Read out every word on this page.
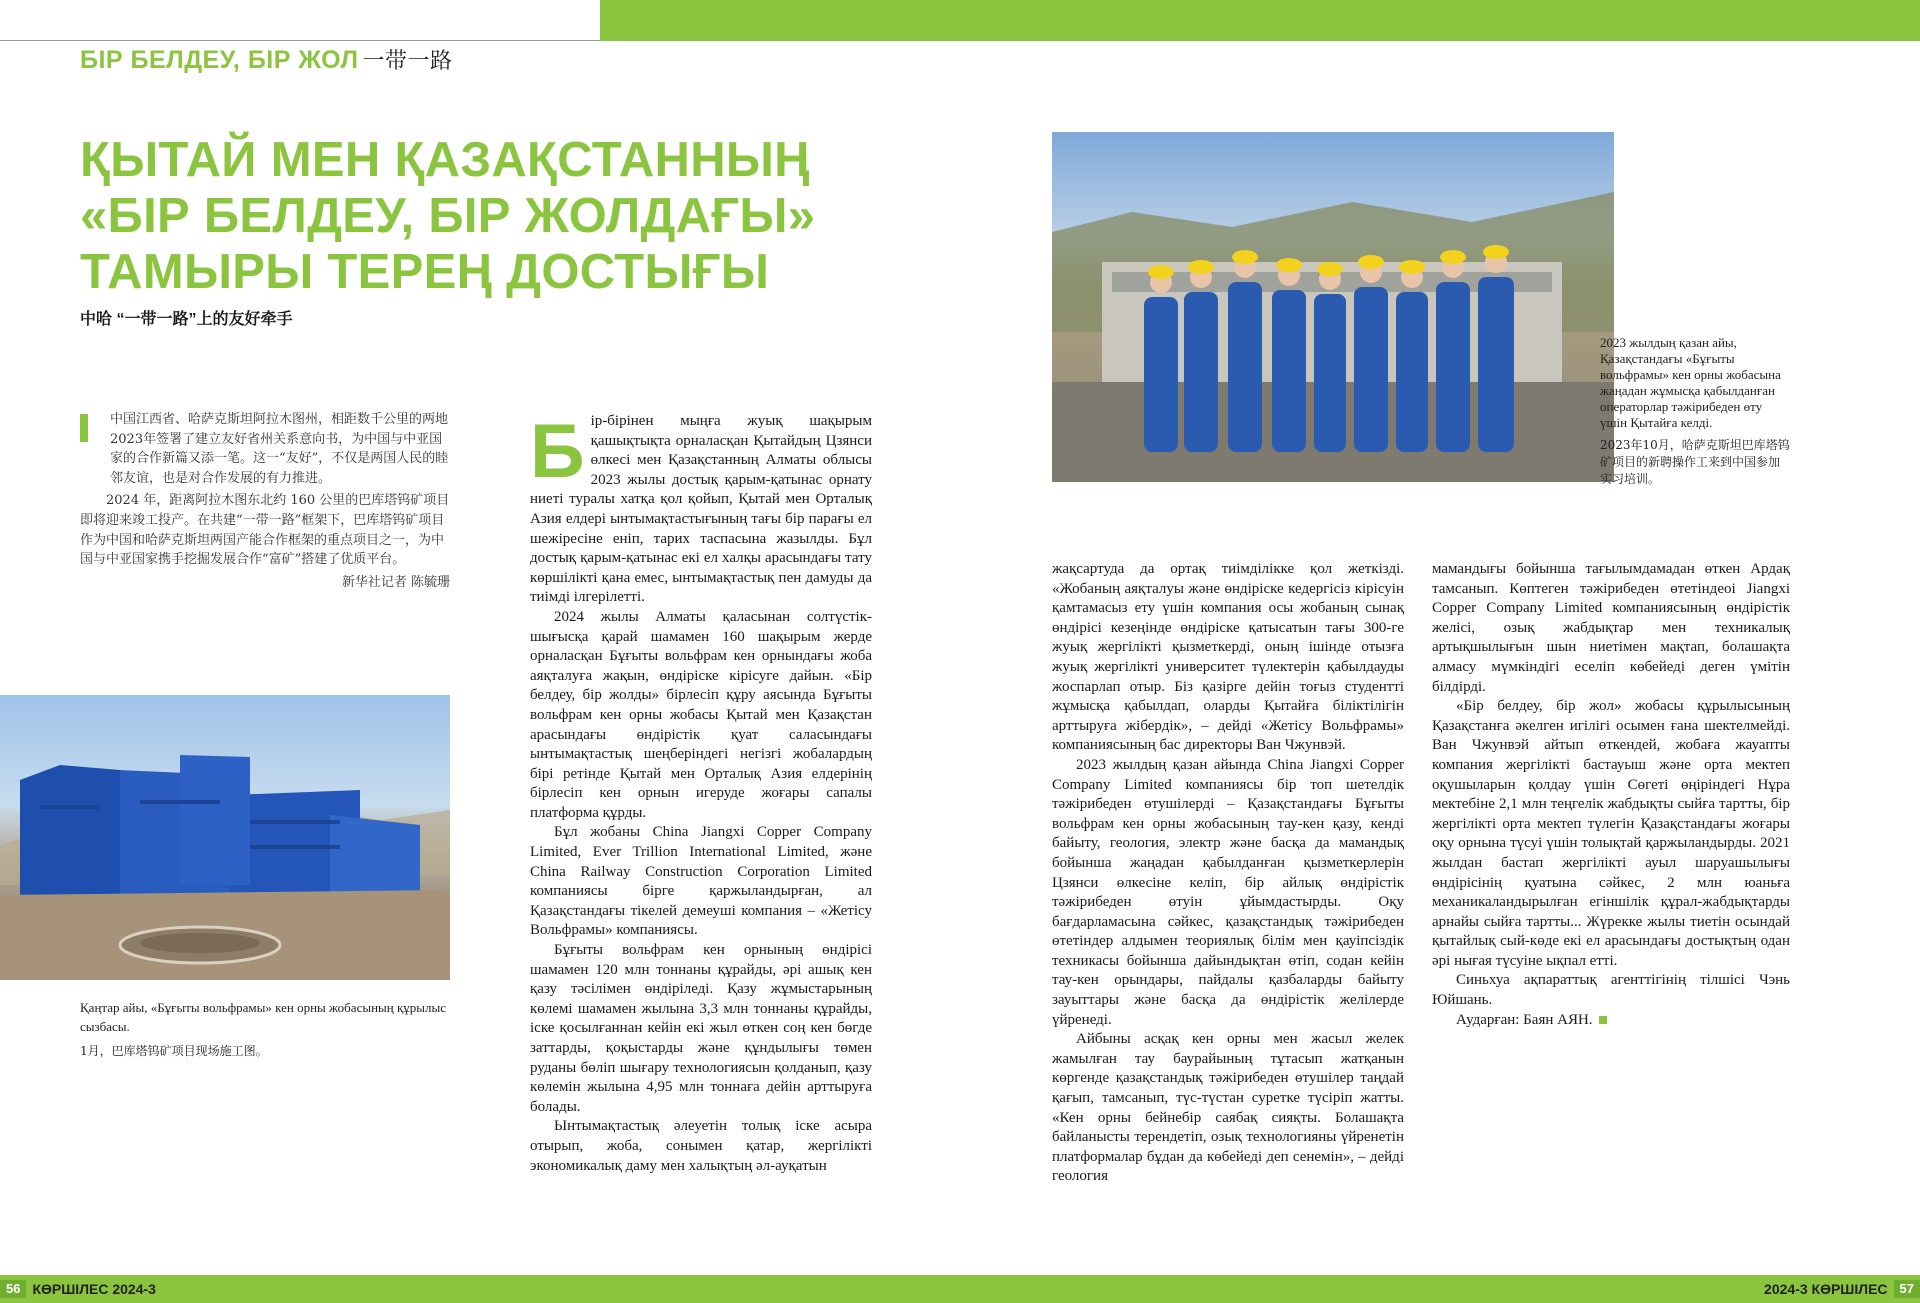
БІР БЕЛДЕУ, БІР ЖОЛ 一带一路
ҚЫТАЙ МЕН ҚАЗАҚСТАННЫҢ
«БІР БЕЛДЕУ, БІР ЖОЛДАҒЫ»
ТАМЫРЫ ТЕРЕҢ ДОСТЫҒЫ
中哈 “一带一路”上的友好牵手

中国江西省、哈萨克斯坦阿拉木图州，相距数千公里的两地2023年签署了建立友好省州关系意向书，为中国与中亚国家的合作新篇又添一笔。这一“友好”，不仅是两国人民的睦邻友谊，也是对合作发展的有力推进。

2024 年，距离阿拉木图东北约 160 公里的巴库塔钨矿项目即将迎来竣工投产。在共建“一带一路”框架下，巴库塔钨矿项目作为中国和哈萨克斯坦两国产能合作框架的重点项目之一，为中国与中亚国家携手挖掘发展合作“富矿”搭建了优质平台。

新华社记者 陈毓珊
Қаңтар айы, «Бұғыты вольфрамы» кен орны жобасының құрылыс сызбасы.
1月，巴库塔钨矿项目现场施工图。
2023 жылдың қазан айы, Қазақстандағы «Бұғыты вольфрамы» кен орны жобасына жаңадан жұмысқа қабылданған операторлар тәжірибеден өту үшін Қытайға келді.
2023年10月，哈萨克斯坦巴库塔钨矿项目的新聘操作工来到中国参加实习培训。
Б ір-бірінен мыңға жуық шақырым қашықтықта орналасқан Қытайдың Цзянси өлкесі мен Қазақстанның Алматы облысы 2023 жылы достық қарым-қатынас орнату ниеті туралы хатқа қол қойып, Қытай мен Орталық Азия елдері ынтымақтастығының тағы бір парағы ел шежіресіне еніп, тарих таспасына жазылды. Бұл достық қарым-қатынас екі ел халқы арасындағы тату көршілікті қана емес, ынтымақтастық пен дамуды да тиімді ілгерілетті.

2024 жылы Алматы қаласынан солтүстік-шығысқа қарай шамамен 160 шақырым жерде орналасқан Бұғыты вольфрам кен орнындағы жоба аяқталуға жақын, өндіріске кірісуге дайын. «Бір белдеу, бір жолды» бірлесіп құру аясында Бұғыты вольфрам кен орны жобасы Қытай мен Қазақстан арасындағы өндірістік қуат саласындағы ынтымақтастық шеңберіндегі негізгі жобалардың бірі ретінде Қытай мен Орталық Азия елдерінің бірлесіп кен орнын игеруде жоғары сапалы платформа құрды.

Бұл жобаны China Jiangxi Copper Company Limited, Ever Trillion International Limited, және China Railway Construction Corporation Limited компаниясы бірге қаржыландырған, ал Қазақстандағы тікелей демеуші компания – «Жетісу Вольфрамы» компаниясы.

Бұғыты вольфрам кен орнының өндірісі шамамен 120 млн тоннаны құрайды, әрі ашық кен қазу тәсілімен өндіріледі. Қазу жұмыстарының көлемі шамамен жылына 3,3 млн тоннаны құрайды, іске қосылғаннан кейін екі жыл өткен соң кен бөгде заттарды, қоқыстарды және құндылығы төмен руданы бөліп шығару технологиясын қолданып, қазу көлемін жылына 4,95 млн тоннаға дейін арттыруға болады.

Ынтымақтастық әлеуетін толық іске асыра отырып, жоба, сонымен қатар, жергілікті экономикалық даму мен халықтың әл-ауқатын

жақсартуда да ортақ тиімділікке қол жеткізді. «Жобаның аяқталуы және өндіріске кедергісіз кірісуін қамтамасыз ету үшін компания осы жобаның сынақ өндірісі кезеңінде өндіріске қатысатын тағы 300-ге жуық жергілікті қызметкерді, оның ішінде отызға жуық жергілікті университет түлектерін қабылдауды жоспарлап отыр. Біз қазірге дейін тоғыз студентті жұмысқа қабылдап, оларды Қытайға біліктілігін арттыруға жібердік», – дейді «Жетісу Вольфрамы» компаниясының бас директоры Ван Чжунвэй.

2023 жылдың қазан айында China Jiangxi Copper Company Limited компаниясы бір топ шетелдік тәжірибеден өтушілерді – Қазақстандағы Бұғыты вольфрам кен орны жобасының тау-кен қазу, кенді байыту, геология, электр және басқа да мамандық бойынша жаңадан қабылданған қызметкерлерін Цзянси өлкесіне келіп, бір айлық өндірістік тәжірибеден өтуін ұйымдастырды. Оқу бағдарламасына сәйкес, қазақстандық тәжірибеден өтетіндер алдымен теориялық білім мен қауіпсіздік техникасы бойынша дайындықтан өтіп, содан кейін тау-кен орындары, пайдалы қазбаларды байыту зауыттары және басқа да өндірістік желілерде үйренеді.

Айбыны асқақ кен орны мен жасыл желек жамылған тау баурайының тұтасып жатқанын көргенде қазақстандық тәжірибеден өтушілер таңдай қағып, тамсанып, түс-түстан суретке түсіріп жатты. «Кен орны бейнебір саябақ сияқты. Болашақта байланысты терендетіп, озық технологияны үйренетін платформалар бұдан да көбейеді деп сенемін», – дейді геология

мамандығы бойынша тағылымдамадан өткен Ардақ тамсанып. Көптеген тәжірибеден өтетіндеоі Jiangxi Copper Company Limited компаниясының өндірістік желісі, озық жабдықтар мен техникалық артықшылығын шын ниетімен мақтап, болашақта алмасу мүмкіндігі еселіп көбейеді деген үмітін білдірді.

«Бір белдеу, бір жол» жобасы құрылысының Қазақстанға әкелген игілігі осымен ғана шектелмейді. Ван Чжунвэй айтып өткендей, жобаға жауапты компания жергілікті бастауыш және орта мектеп оқушыларын қолдау үшін Сөгеті өңіріндегі Нұра мектебіне 2,1 млн теңгелік жабдықты сыйға тартты, бір жергілікті орта мектеп түлегін Қазақстандағы жоғары оқу орнына түсуі үшін толықтай қаржыландырды. 2021 жылдан бастап жергілікті ауыл шаруашылығы өндірісінің қуатына сәйкес, 2 млн юаньға механикаландырылған егіншілік құрал-жабдықтарды арнайы сыйға тартты... Жүрекке жылы тиетін осындай қытайлық сый-көде екі ел арасындағы достықтың одан әрі нығая түсуіне ықпал етті.

Синьхуа ақпараттық агенттігінің тілшісі Чэнь Юйшань.

Аударған: Баян АЯН.

56 КӨРШІЛЕС 2024-3	2024-3 КӨРШІЛЕС 57
